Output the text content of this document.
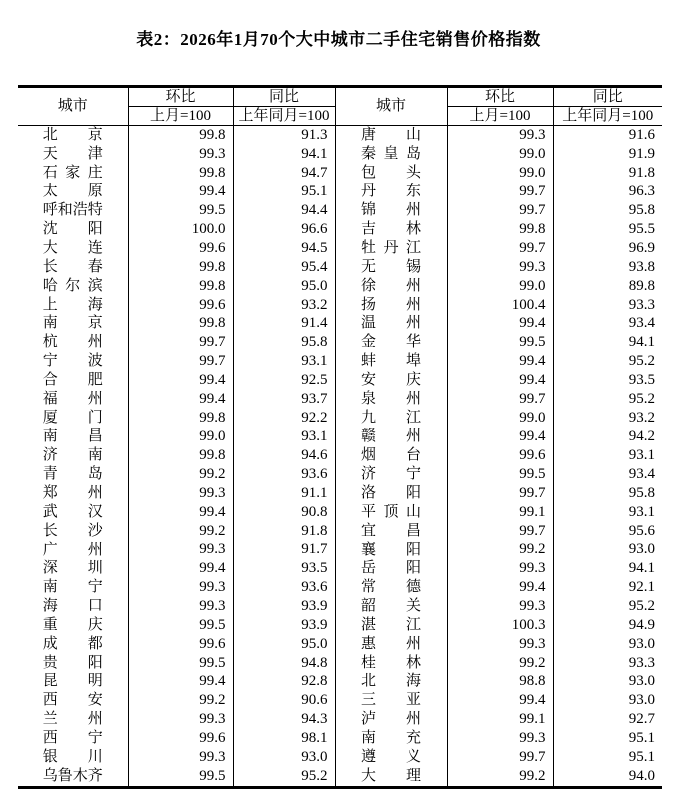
表2：2026年1月70个大中城市二手住宅销售价格指数
城市	环比	同比	城市	环比	同比
	上月=100	上年同月=100		上月=100	上年同月=100

北 京	99.8	91.3	唐 山	99.3	91.6

天 津	99.3	94.1	秦 皇 岛	99.0	91.9

石 家 庄	99.8	94.7	包 头	99.0	91.8

太 原	99.4	95.1	丹 东	99.7	96.3

呼 和 浩 特	99.5	94.4	锦 州	99.7	95.8

沈 阳	100.0	96.6	吉 林	99.8	95.5

大 连	99.6	94.5	牡 丹 江	99.7	96.9

长 春	99.8	95.4	无 锡	99.3	93.8

哈 尔 滨	99.8	95.0	徐 州	99.0	89.8

上 海	99.6	93.2	扬 州	100.4	93.3

南 京	99.8	91.4	温 州	99.4	93.4

杭 州	99.7	95.8	金 华	99.5	94.1

宁 波	99.7	93.1	蚌 埠	99.4	95.2

合 肥	99.4	92.5	安 庆	99.4	93.5

福 州	99.4	93.7	泉 州	99.7	95.2

厦 门	99.8	92.2	九 江	99.0	93.2

南 昌	99.0	93.1	赣 州	99.4	94.2

济 南	99.8	94.6	烟 台	99.6	93.1

青 岛	99.2	93.6	济 宁	99.5	93.4

郑 州	99.3	91.1	洛 阳	99.7	95.8

武 汉	99.4	90.8	平 顶 山	99.1	93.1

长 沙	99.2	91.8	宜 昌	99.7	95.6

广 州	99.3	91.7	襄 阳	99.2	93.0

深 圳	99.4	93.5	岳 阳	99.3	94.1

南 宁	99.3	93.6	常 德	99.4	92.1

海 口	99.3	93.9	韶 关	99.3	95.2

重 庆	99.5	93.9	湛 江	100.3	94.9

成 都	99.6	95.0	惠 州	99.3	93.0

贵 阳	99.5	94.8	桂 林	99.2	93.3

昆 明	99.4	92.8	北 海	98.8	93.0

西 安	99.2	90.6	三 亚	99.4	93.0

兰 州	99.3	94.3	泸 州	99.1	92.7

西 宁	99.6	98.1	南 充	99.3	95.1

银 川	99.3	93.0	遵 义	99.7	95.1

乌 鲁 木 齐	99.5	95.2	大 理	99.2	94.0
